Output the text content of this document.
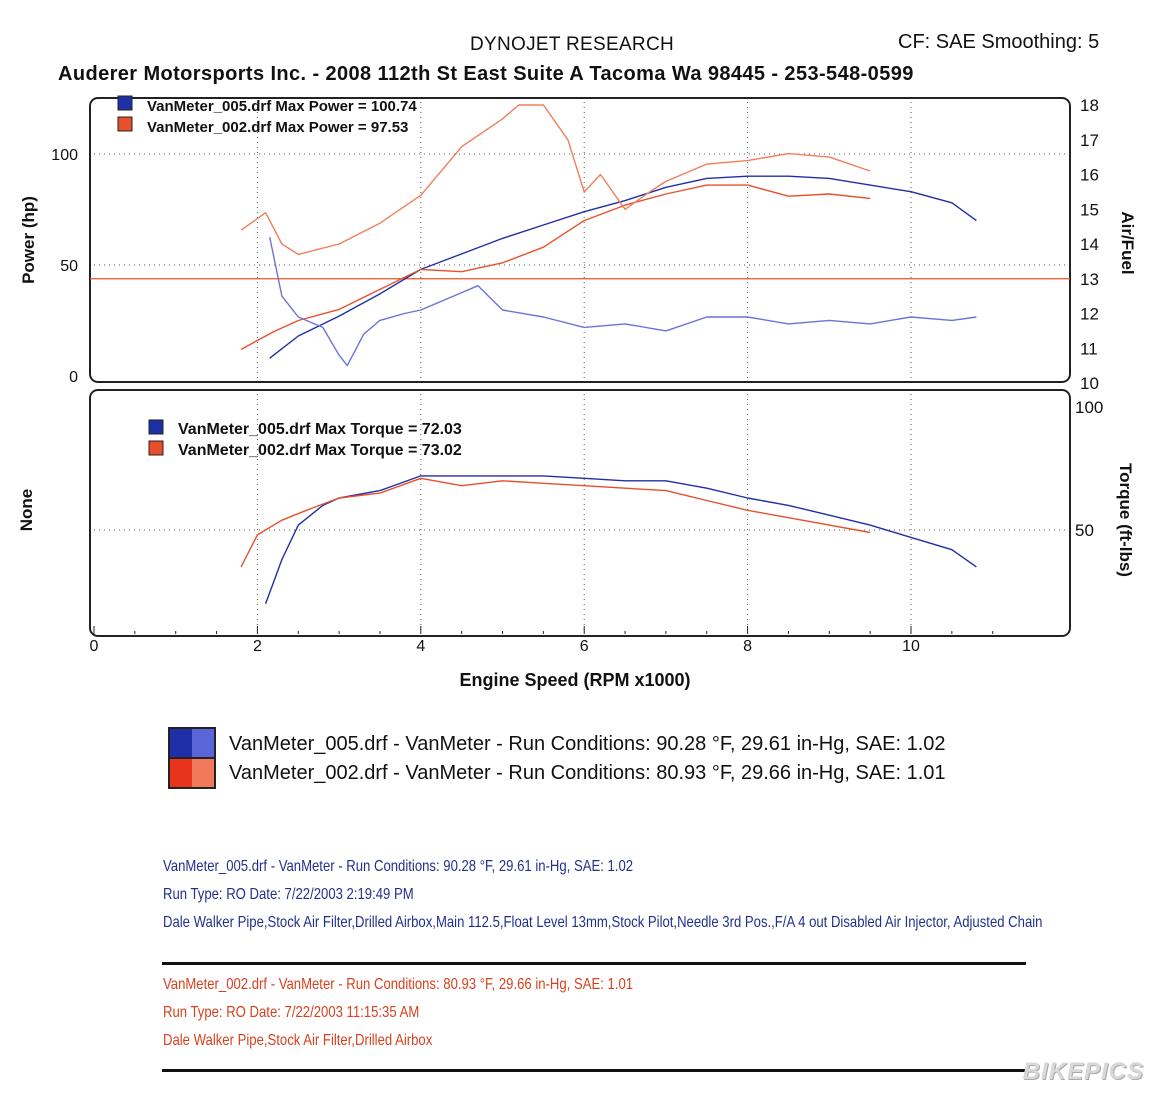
DYNOJET RESEARCH	CF: SAE Smoothing: 5
Auderer Motorsports Inc. - 2008 112th St East Suite A Tacoma Wa 98445 - 253-548-0599
0
50
100
10
11
12
13
14
15
16
17
18
50
100
0	2	4	6	8	10
Power (hp)	Air/Fuel
None	Torque (ft-lbs)
Engine Speed (RPM x1000)
VanMeter_005.drf Max Power = 100.74
VanMeter_002.drf Max Power = 97.53
VanMeter_005.drf Max Torque = 72.03
VanMeter_002.drf Max Torque = 73.02
VanMeter_005.drf - VanMeter - Run Conditions: 90.28 °F, 29.61 in-Hg, SAE: 1.02
VanMeter_002.drf - VanMeter - Run Conditions: 80.93 °F, 29.66 in-Hg, SAE: 1.01
VanMeter_005.drf - VanMeter - Run Conditions: 90.28 °F, 29.61 in-Hg, SAE: 1.02
Run Type: RO Date: 7/22/2003 2:19:49 PM
Dale Walker Pipe,Stock Air Filter,Drilled Airbox,Main 112.5,Float Level 13mm,Stock Pilot,Needle 3rd Pos.,F/A 4 out Disabled Air Injector, Adjusted Chain
VanMeter_002.drf - VanMeter - Run Conditions: 80.93 °F, 29.66 in-Hg, SAE: 1.01
Run Type: RO Date: 7/22/2003 11:15:35 AM
Dale Walker Pipe,Stock Air Filter,Drilled Airbox
BIKEPICS
